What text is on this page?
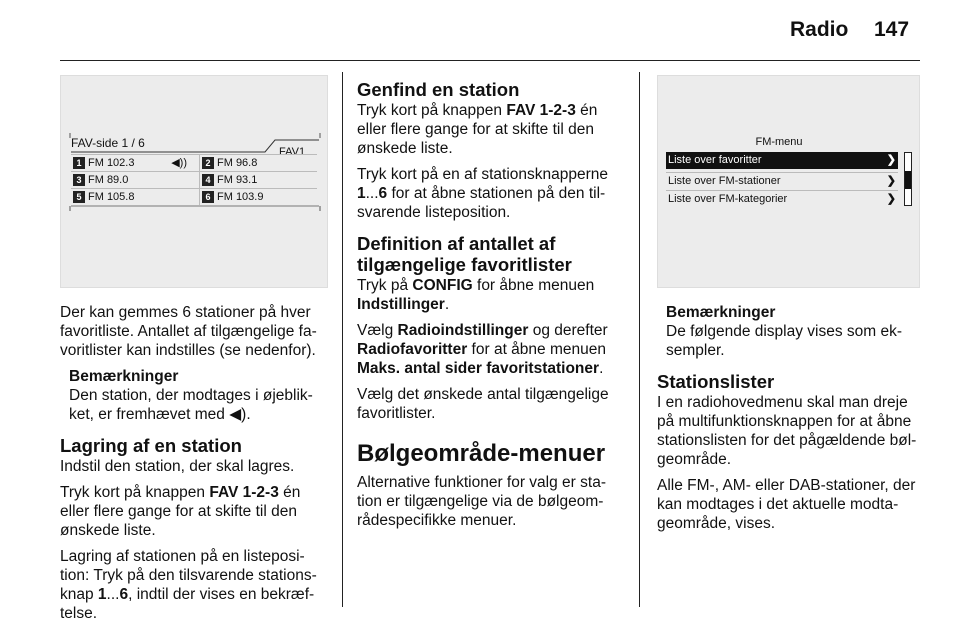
Radio 147
FAV-side 1 / 6
FAV1
1 FM 102.3	◀))	2 FM 96.8
3 FM 89.0	4 FM 93.1
5 FM 105.8	6 FM 103.9
FM-menu
Liste over favoritter	❯
Liste over FM-stationer	❯
Liste over FM-kategorier	❯

Der kan gemmes 6 stationer på hver favoritliste. Antallet af tilgængelige fa-voritlister kan indstilles (se nedenfor).

Bemærkninger
Den station, der modtages i øjeblik-ket, er fremhævet med ◀).

Lagring af en station

Indstil den station, der skal lagres.

Tryk kort på knappen FAV 1-2-3 én eller flere gange for at skifte til den ønskede liste.

Lagring af stationen på en listeposi-tion: Tryk på den tilsvarende stations-knap 1...6, indtil der vises en bekræf-telse.

Genfind en station

Tryk kort på knappen FAV 1-2-3 én eller flere gange for at skifte til den ønskede liste.

Tryk kort på en af stationsknapperne 1...6 for at åbne stationen på den til-svarende listeposition.

Definition af antallet af tilgængelige favoritlister

Tryk på CONFIG for åbne menuen Indstillinger.

Vælg Radioindstillinger og derefter Radiofavoritter for at åbne menuen Maks. antal sider favoritstationer.

Vælg det ønskede antal tilgængelige favoritlister.

Bølgeområde-menuer

Alternative funktioner for valg er sta-tion er tilgængelige via de bølgeom-rådespecifikke menuer.

Bemærkninger
De følgende display vises som ek-sempler.

Stationslister

I en radiohovedmenu skal man dreje på multifunktionsknappen for at åbne stationslisten for det pågældende bøl-geområde.

Alle FM-, AM- eller DAB-stationer, der kan modtages i det aktuelle modta-geområde, vises.
